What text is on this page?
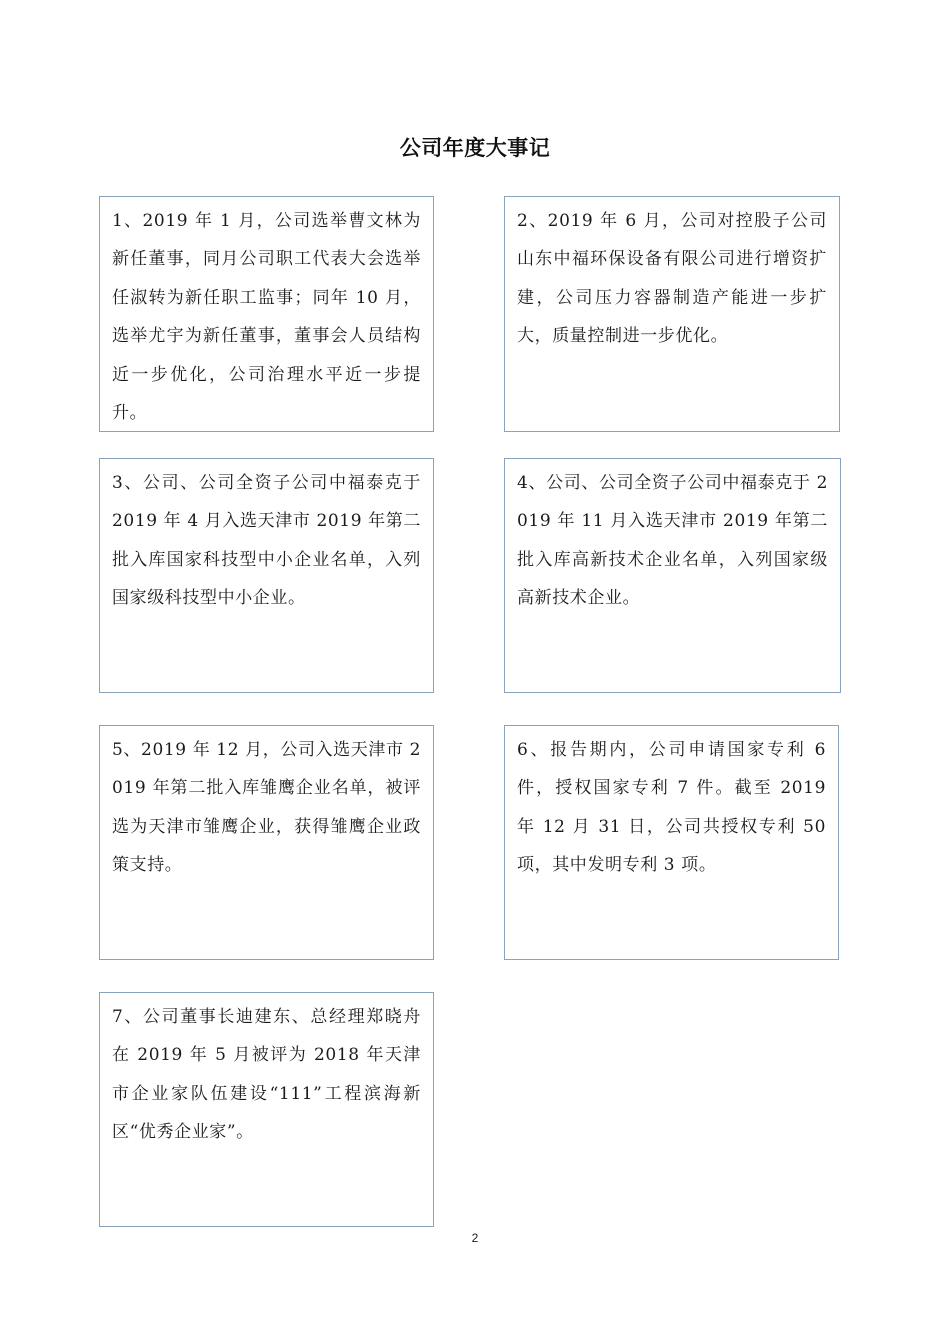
公司年度大事记

1、2019 年 1 月，公司选举曹文林为新任董事，同月公司职工代表大会选举任淑转为新任职工监事；同年 10 月，选举尤宇为新任董事，董事会人员结构近一步优化，公司治理水平近一步提升。

2、2019 年 6 月，公司对控股子公司山东中福环保设备有限公司进行增资扩建，公司压力容器制造产能进一步扩大，质量控制进一步优化。

3、公司、公司全资子公司中福泰克于 2019 年 4 月入选天津市 2019 年第二批入库国家科技型中小企业名单，入列国家级科技型中小企业。

4、公司、公司全资子公司中福泰克于 2019 年 11 月入选天津市 2019 年第二批入库高新技术企业名单，入列国家级高新技术企业。

5、2019 年 12 月，公司入选天津市 2019 年第二批入库雏鹰企业名单，被评选为天津市雏鹰企业，获得雏鹰企业政策支持。

6、报告期内，公司申请国家专利 6 件，授权国家专利 7 件。截至 2019 年 12 月 31 日，公司共授权专利 50 项，其中发明专利 3 项。

7、公司董事长迪建东、总经理郑晓舟在 2019 年 5 月被评为 2018 年天津市企业家队伍建设“111”工程滨海新区“优秀企业家”。

2
